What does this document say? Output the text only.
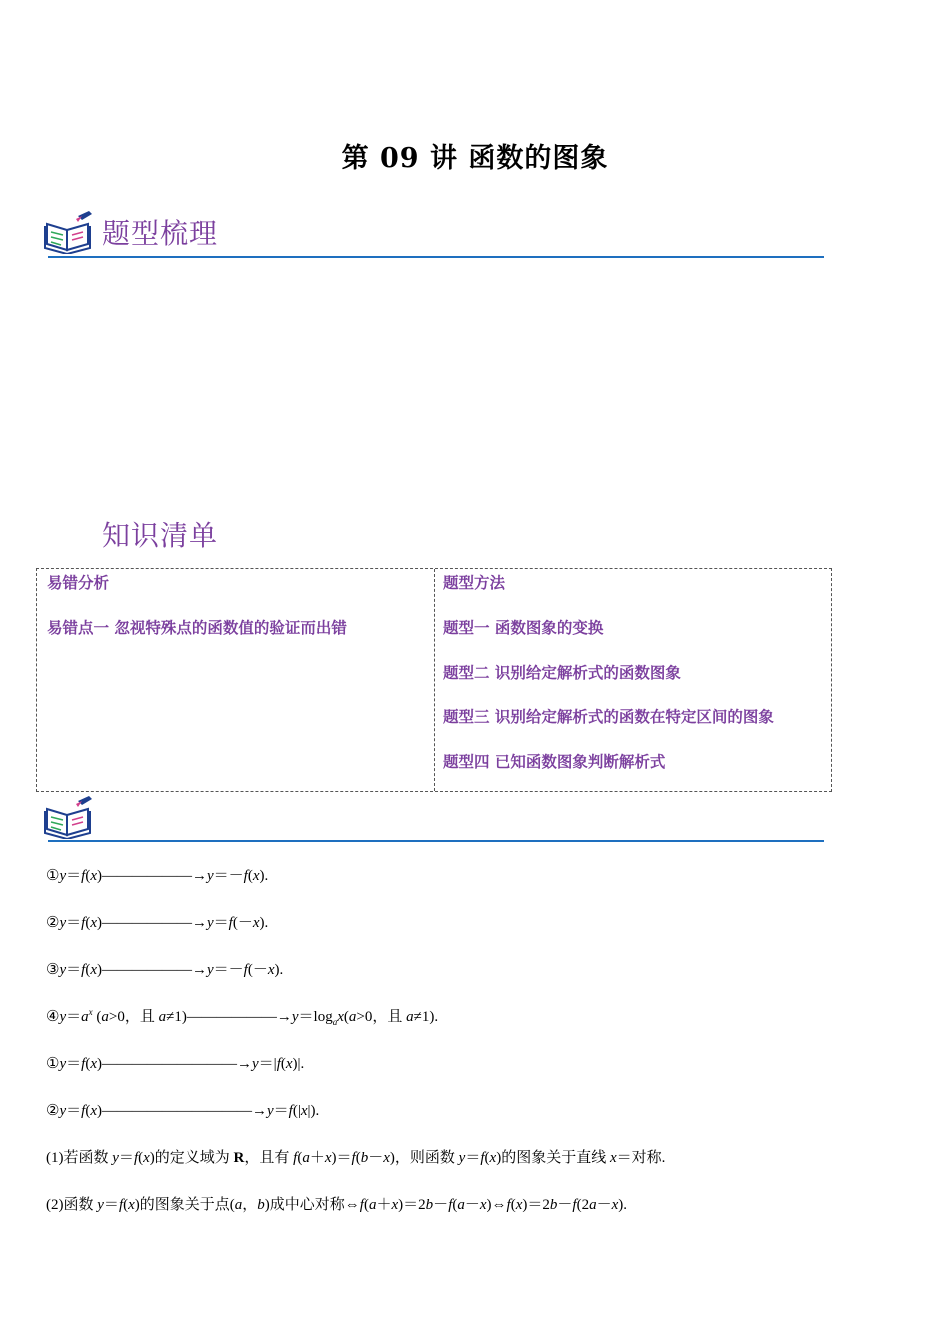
第 09 讲 函数的图象
题型梳理
知识清单
易错分析
易错点一 忽视特殊点的函数值的验证而出错
题型方法
题型一 函数图象的变换
题型二 识别给定解析式的函数图象
题型三 识别给定解析式的函数在特定区间的图象
题型四 已知函数图象判断解析式
①y＝f(x)——————→y＝－f(x).
②y＝f(x)——————→y＝f(－x).
③y＝f(x)——————→y＝－f(－x).
$④y=a^x$ (a>0，且 $a\ne 1)——————\to y=\log_ax(a>0$，且 a≠1).
①y＝f(x)—————————→y＝|f(x)|.
②y＝f(x)——————————→y＝f(|x|).
(1)若函数 y＝f(x)的定义域为 R，且有 f(a＋x)＝f(b－x)，则函数 y＝f(x)的图象关于直线 x＝对称.
(2)函数 y＝f(x)的图象关于点(a，b)成中心对称⇔f(a＋x)＝2b－f(a－x)⇔f(x)＝2b－f(2a－x).
